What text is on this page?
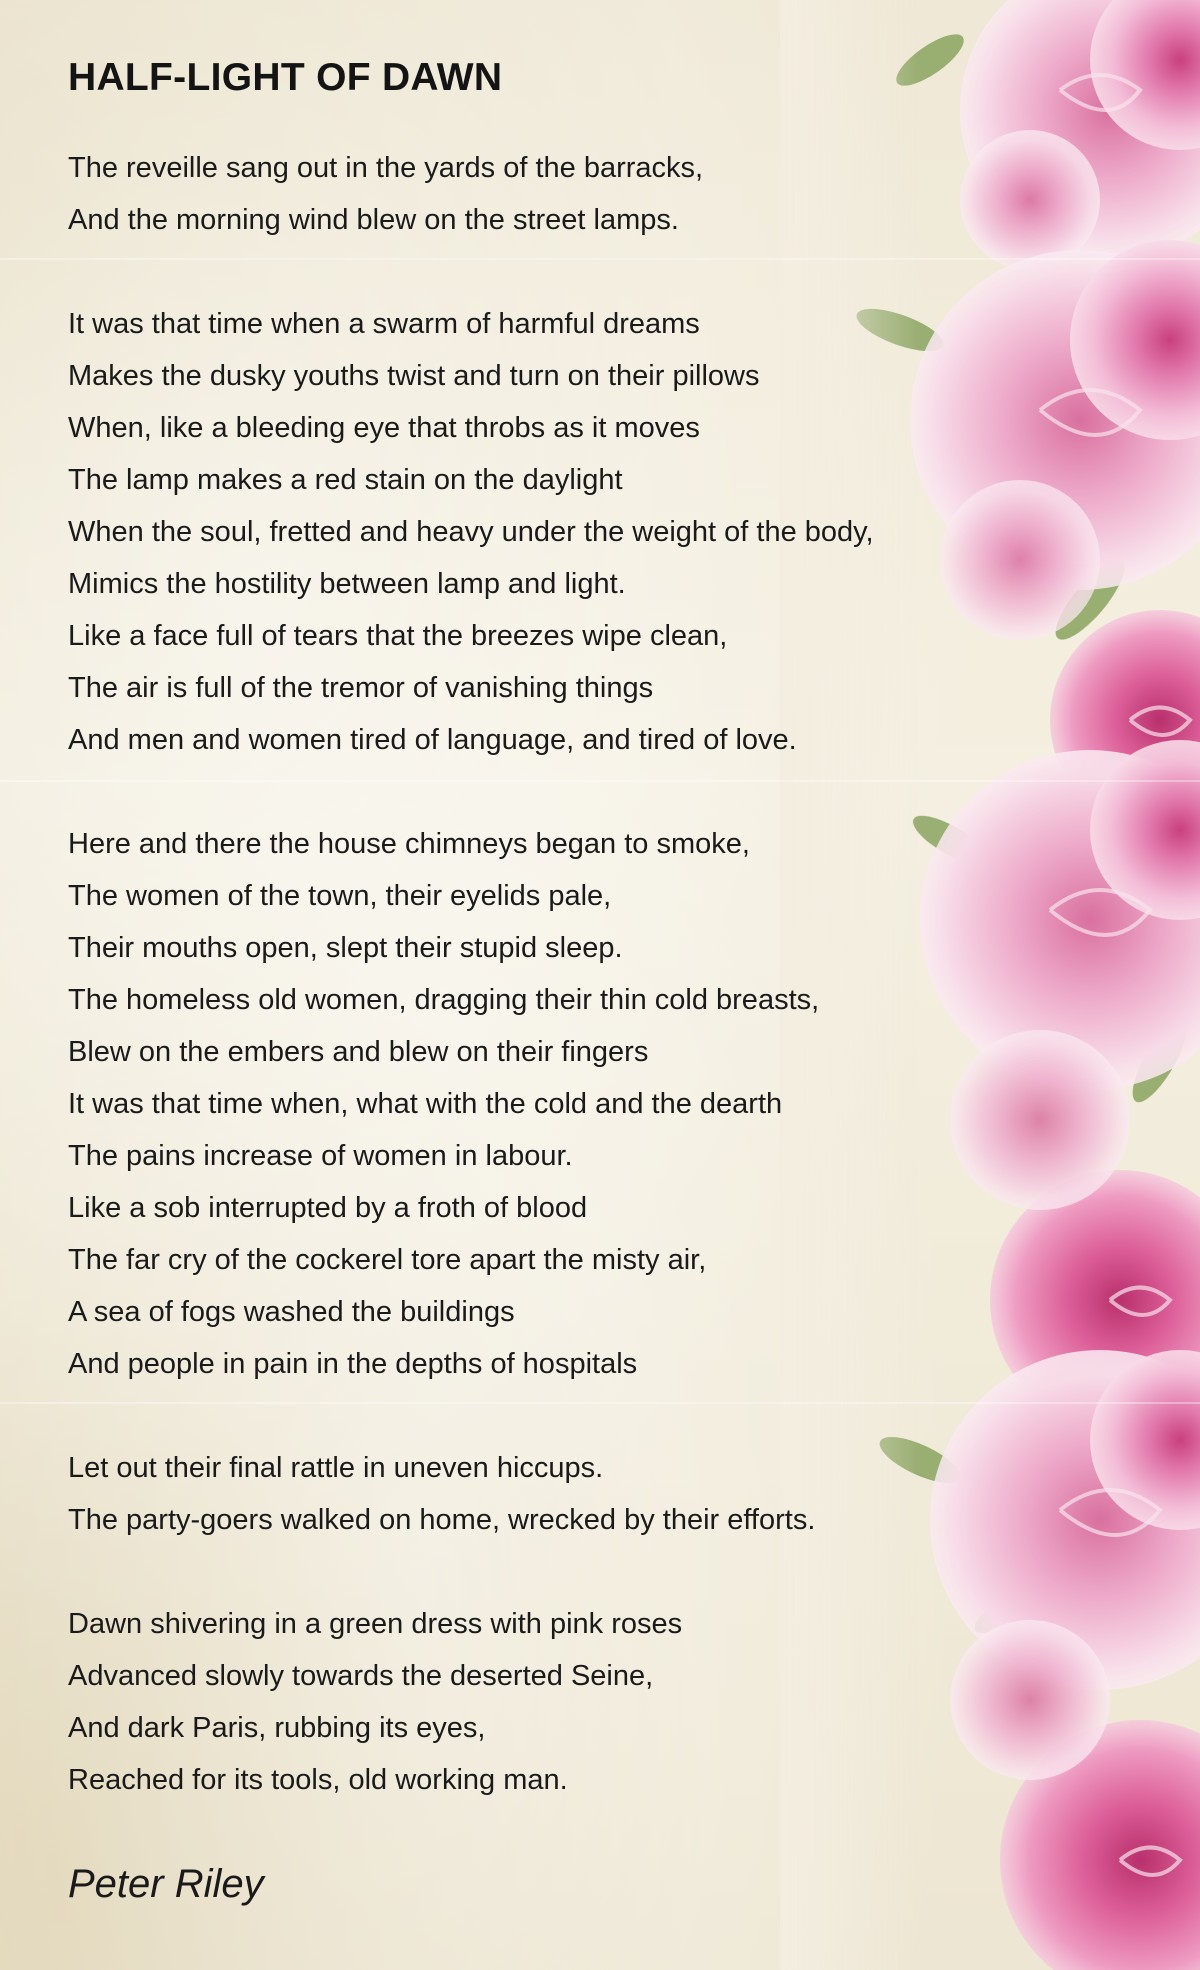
HALF-LIGHT OF DAWN
The reveille sang out in the yards of the barracks,
And the morning wind blew on the street lamps.
It was that time when a swarm of harmful dreams
Makes the dusky youths twist and turn on their pillows
When, like a bleeding eye that throbs as it moves
The lamp makes a red stain on the daylight
When the soul, fretted and heavy under the weight of the body,
Mimics the hostility between lamp and light.
Like a face full of tears that the breezes wipe clean,
The air is full of the tremor of vanishing things
And men and women tired of language, and tired of love.
Here and there the house chimneys began to smoke,
The women of the town, their eyelids pale,
Their mouths open, slept their stupid sleep.
The homeless old women, dragging their thin cold breasts,
Blew on the embers and blew on their fingers
It was that time when, what with the cold and the dearth
The pains increase of women in labour.
Like a sob interrupted by a froth of blood
The far cry of the cockerel tore apart the misty air,
A sea of fogs washed the buildings
And people in pain in the depths of hospitals
Let out their final rattle in uneven hiccups.
The party-goers walked on home, wrecked by their efforts.
Dawn shivering in a green dress with pink roses
Advanced slowly towards the deserted Seine,
And dark Paris, rubbing its eyes,
Reached for its tools, old working man.
Peter Riley
